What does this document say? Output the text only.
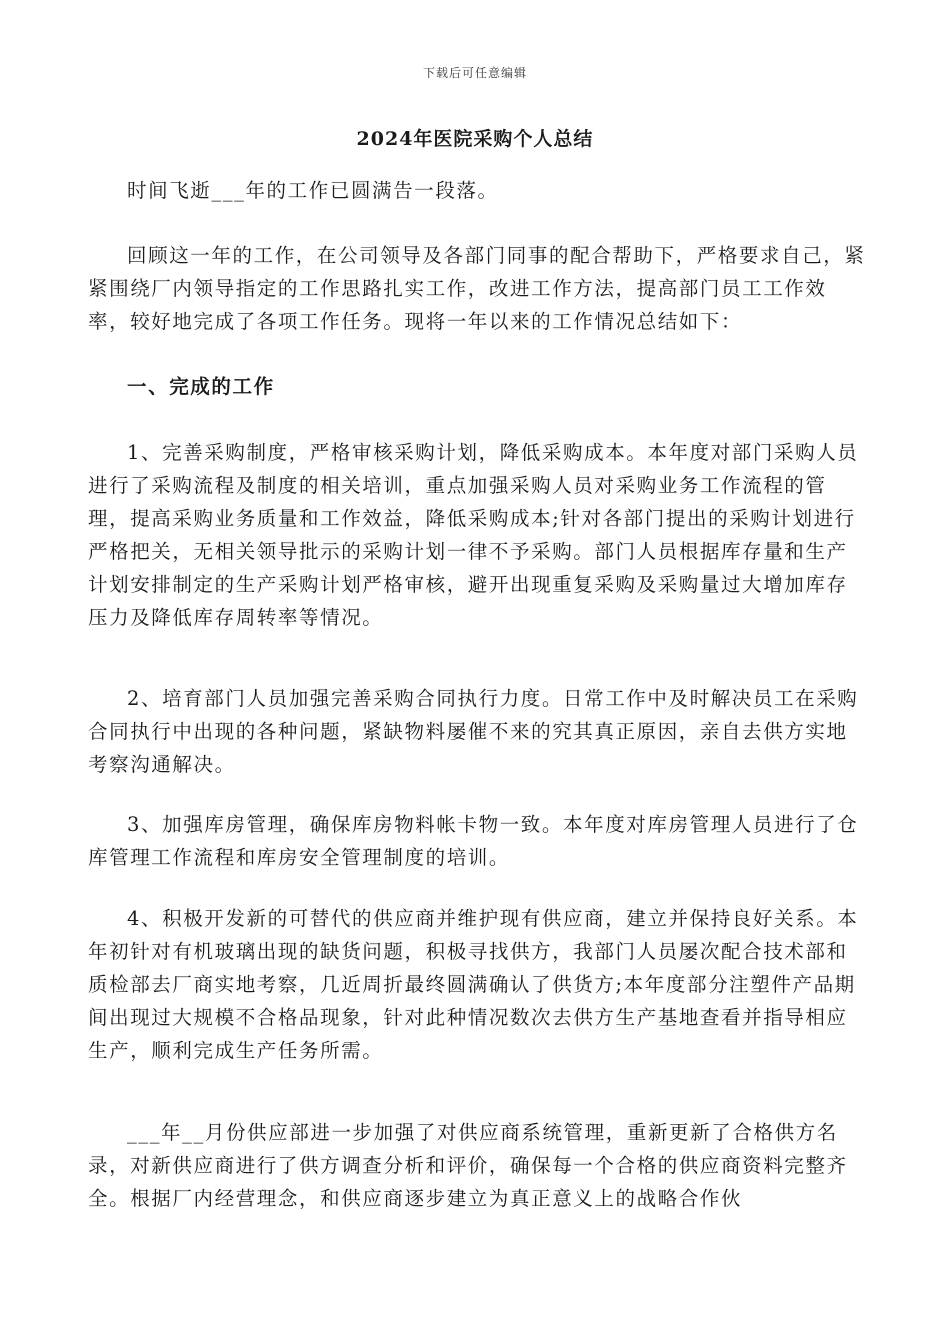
下载后可任意编辑
2024年医院采购个人总结

时间飞逝___年的工作已圆满告一段落。

回顾这一年的工作，在公司领导及各部门同事的配合帮助下，严格要求自己，紧紧围绕厂内领导指定的工作思路扎实工作，改进工作方法，提高部门员工工作效率，较好地完成了各项工作任务。现将一年以来的工作情况总结如下：

一、完成的工作

1、完善采购制度，严格审核采购计划，降低采购成本。本年度对部门采购人员进行了采购流程及制度的相关培训，重点加强采购人员对采购业务工作流程的管理，提高采购业务质量和工作效益，降低采购成本;针对各部门提出的采购计划进行严格把关，无相关领导批示的采购计划一律不予采购。部门人员根据库存量和生产计划安排制定的生产采购计划严格审核，避开出现重复采购及采购量过大增加库存压力及降低库存周转率等情况。

2、培育部门人员加强完善采购合同执行力度。日常工作中及时解决员工在采购合同执行中出现的各种问题，紧缺物料屡催不来的究其真正原因，亲自去供方实地考察沟通解决。

3、加强库房管理，确保库房物料帐卡物一致。本年度对库房管理人员进行了仓库管理工作流程和库房安全管理制度的培训。

4、积极开发新的可替代的供应商并维护现有供应商，建立并保持良好关系。本年初针对有机玻璃出现的缺货问题，积极寻找供方，我部门人员屡次配合技术部和质检部去厂商实地考察，几近周折最终圆满确认了供货方;本年度部分注塑件产品期间出现过大规模不合格品现象，针对此种情况数次去供方生产基地查看并指导相应生产，顺利完成生产任务所需。

___年__月份供应部进一步加强了对供应商系统管理，重新更新了合格供方名录，对新供应商进行了供方调查分析和评价，确保每一个合格的供应商资料完整齐全。根据厂内经营理念，和供应商逐步建立为真正意义上的战略合作伙
